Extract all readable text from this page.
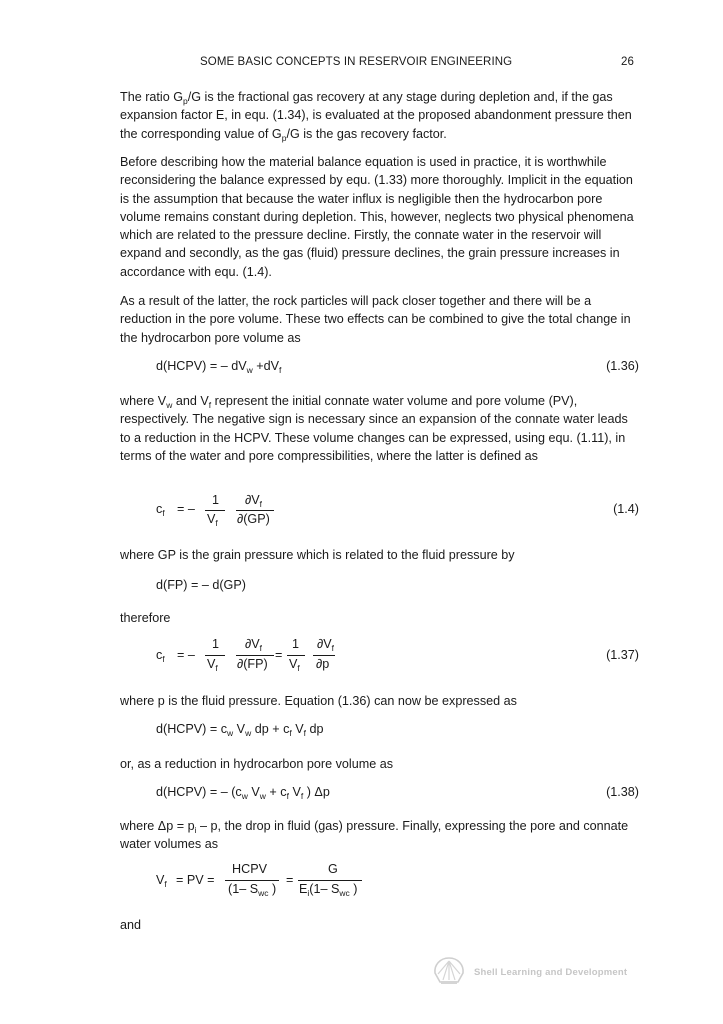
SOME BASIC CONCEPTS IN RESERVOIR ENGINEERING	26

The ratio $G_p/G$ is the fractional gas recovery at any stage during depletion and, if the gas expansion factor E, in equ. (1.34), is evaluated at the proposed abandonment pressure then the corresponding value of $G_p/G$ is the gas recovery factor.

Before describing how the material balance equation is used in practice, it is worthwhile reconsidering the balance expressed by equ. (1.33) more thoroughly. Implicit in the equation is the assumption that because the water influx is negligible then the hydrocarbon pore volume remains constant during depletion. This, however, neglects two physical phenomena which are related to the pressure decline. Firstly, the connate water in the reservoir will expand and secondly, as the gas (fluid) pressure declines, the grain pressure increases in accordance with equ. (1.4).

As a result of the latter, the rock particles will pack closer together and there will be a reduction in the pore volume. These two effects can be combined to give the total change in the hydrocarbon pore volume as

d(HCPV) = – $dV_w +dV_f$	(1.36)

where $V_w$ and $V_f$ represent the initial connate water volume and pore volume (PV), respectively. The negative sign is necessary since an expansion of the connate water leads to a reduction in the HCPV. These volume changes can be expressed, using equ. (1.11), in terms of the water and pore compressibilities, where the latter is defined as

$c_f$ = –
1
$V_f$
$\partial V_f$
∂(GP)
(1.4)

where GP is the grain pressure which is related to the fluid pressure by

d(FP) = – d(GP)

therefore

$c_f$ = –
1
$V_f$
$\partial V_f$
∂(FP)
=
1
$V_f$
$\partial V_f$
∂p
(1.37)

where p is the fluid pressure. Equation (1.36) can now be expressed as

d(HCPV) = $c_w$ $V_w$ dp + $c_f$ $V_f$ dp

or, as a reduction in hydrocarbon pore volume as

d(HCPV) = – ($c_w$ $V_w + c_f$ $V_f$ ) Δp	(1.38)

where $\Delta p = p_i - p$, the drop in fluid (gas) pressure. Finally, expressing the pore and connate water volumes as

$V_f$ = PV =
HCPV
(1– $S_{wc}$ )
=
G
$E_i(1-$ $S_{wc}$ )

and

Shell Learning and Development
